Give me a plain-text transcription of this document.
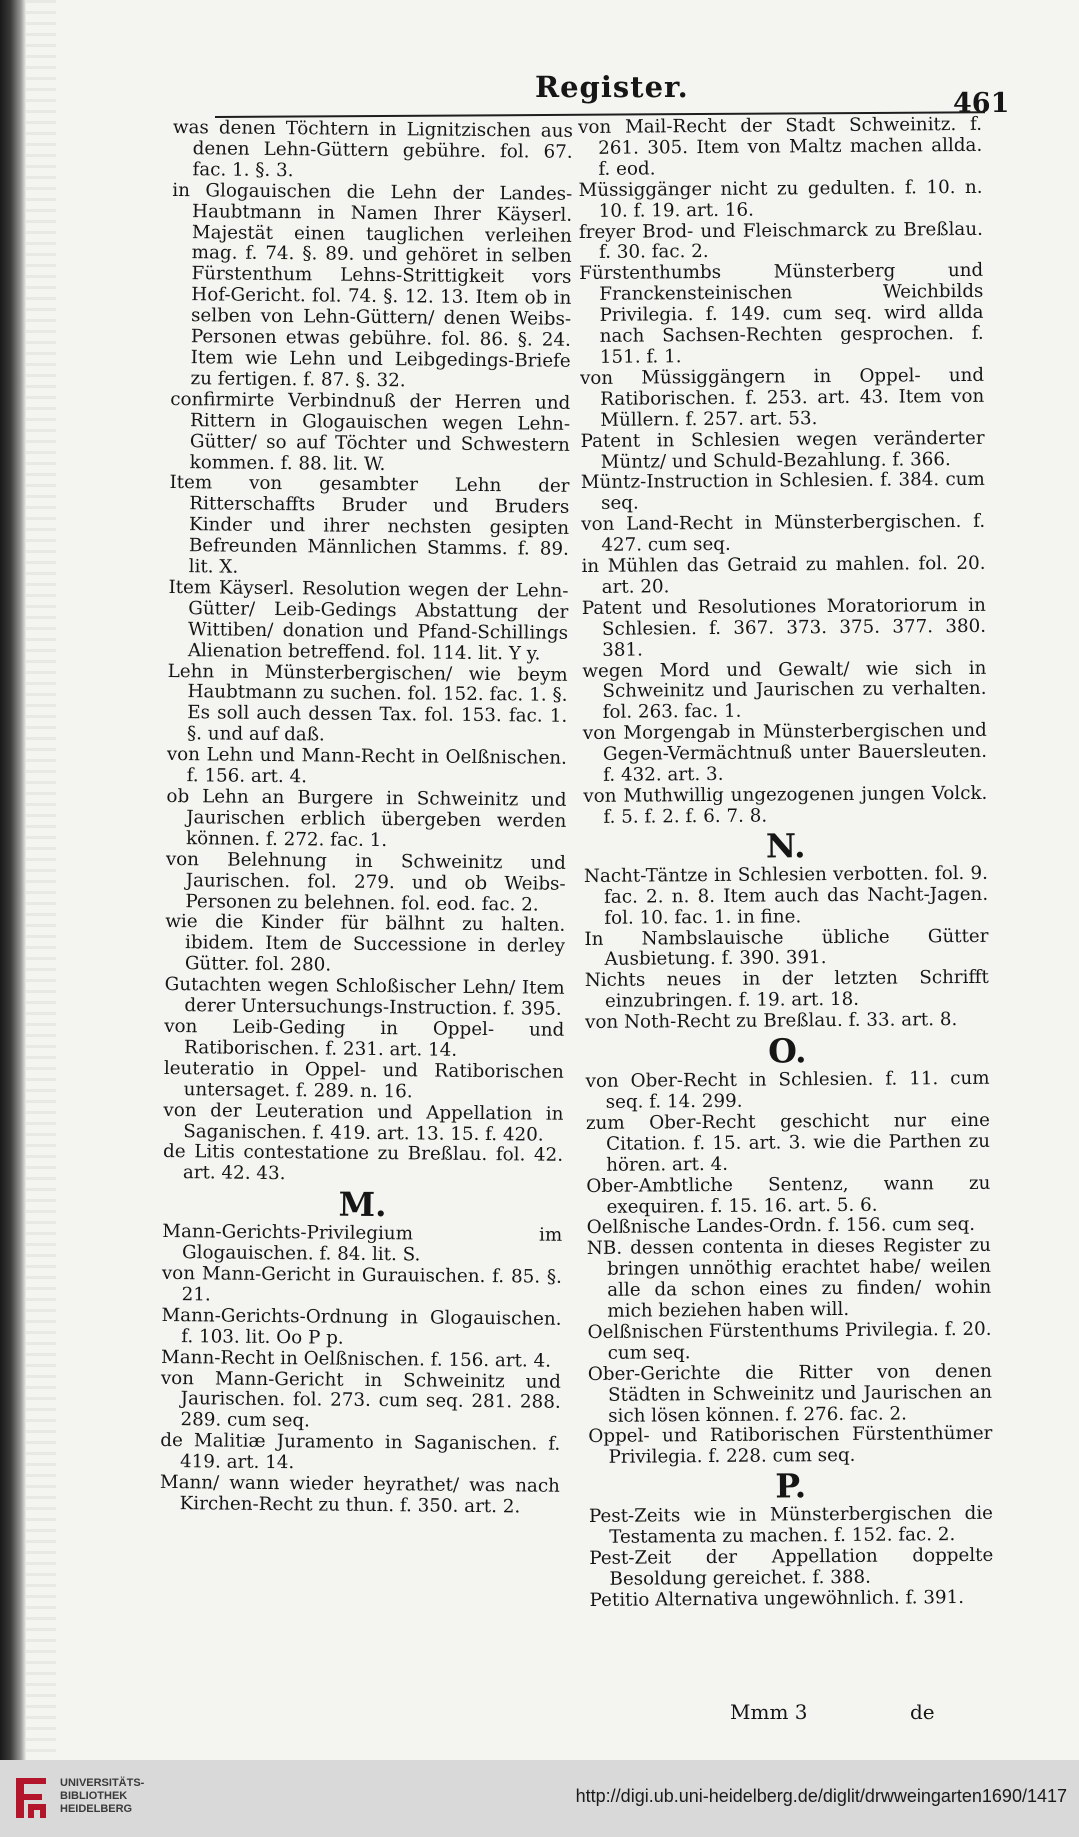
Register.	461
was denen Töchtern in Lignitzischen aus denen Lehn-Güttern gebühre. fol. 67. fac. 1. §. 3.
in Glogauischen die Lehn der Landes-Haubtmann in Namen Ihrer Käyserl. Majestät einen tauglichen verleihen mag. f. 74. §. 89. und gehöret in selben Fürstenthum Lehns-Strittigkeit vors Hof-Gericht. fol. 74. §. 12. 13. Item ob in selben von Lehn-Güttern/ denen Weibs-Personen etwas gebühre. fol. 86. §. 24. Item wie Lehn und Leibgedings-Briefe zu fertigen. f. 87. §. 32.
confirmirte Verbindnuß der Herren und Rittern in Glogauischen wegen Lehn-Gütter/ so auf Töchter und Schwestern kommen. f. 88. lit. W.
Item von gesambter Lehn der Ritterschaffts Bruder und Bruders Kinder und ihrer nechsten gesipten Befreunden Männlichen Stamms. f. 89. lit. X.
Item Käyserl. Resolution wegen der Lehn-Gütter/ Leib-Gedings Abstattung der Wittiben/ donation und Pfand-Schillings Alienation betreffend. fol. 114. lit. Y y.
Lehn in Münsterbergischen/ wie beym Haubtmann zu suchen. fol. 152. fac. 1. §. Es soll auch dessen Tax. fol. 153. fac. 1. §. und auf daß.
von Lehn und Mann-Recht in Oelßnischen. f. 156. art. 4.
ob Lehn an Burgere in Schweinitz und Jaurischen erblich übergeben werden können. f. 272. fac. 1.
von Belehnung in Schweinitz und Jaurischen. fol. 279. und ob Weibs-Personen zu belehnen. fol. eod. fac. 2.
wie die Kinder für bälhnt zu halten. ibidem. Item de Successione in derley Gütter. fol. 280.
Gutachten wegen Schloßischer Lehn/ Item derer Untersuchungs-Instruction. f. 395.
von Leib-Geding in Oppel- und Ratiborischen. f. 231. art. 14.
leuteratio in Oppel- und Ratiborischen untersaget. f. 289. n. 16.
von der Leuteration und Appellation in Saganischen. f. 419. art. 13. 15. f. 420.
de Litis contestatione zu Breßlau. fol. 42. art. 42. 43.
M.
Mann-Gerichts-Privilegium im Glogauischen. f. 84. lit. S.
von Mann-Gericht in Gurauischen. f. 85. §. 21.
Mann-Gerichts-Ordnung in Glogauischen. f. 103. lit. Oo P p.
Mann-Recht in Oelßnischen. f. 156. art. 4.
von Mann-Gericht in Schweinitz und Jaurischen. fol. 273. cum seq. 281. 288. 289. cum seq.
de Malitiæ Juramento in Saganischen. f. 419. art. 14.
Mann/ wann wieder heyrathet/ was nach Kirchen-Recht zu thun. f. 350. art. 2.
von Mail-Recht der Stadt Schweinitz. f. 261. 305. Item von Maltz machen allda. f. eod.
Müssiggänger nicht zu gedulten. f. 10. n. 10. f. 19. art. 16.
freyer Brod- und Fleischmarck zu Breßlau. f. 30. fac. 2.
Fürstenthumbs Münsterberg und Franckensteinischen Weichbilds Privilegia. f. 149. cum seq. wird allda nach Sachsen-Rechten gesprochen. f. 151. f. 1.
von Müssiggängern in Oppel- und Ratiborischen. f. 253. art. 43. Item von Müllern. f. 257. art. 53.
Patent in Schlesien wegen veränderter Müntz/ und Schuld-Bezahlung. f. 366.
Müntz-Instruction in Schlesien. f. 384. cum seq.
von Land-Recht in Münsterbergischen. f. 427. cum seq.
in Mühlen das Getraid zu mahlen. fol. 20. art. 20.
Patent und Resolutiones Moratoriorum in Schlesien. f. 367. 373. 375. 377. 380. 381.
wegen Mord und Gewalt/ wie sich in Schweinitz und Jaurischen zu verhalten. fol. 263. fac. 1.
von Morgengab in Münsterbergischen und Gegen-Vermächtnuß unter Bauersleuten. f. 432. art. 3.
von Muthwillig ungezogenen jungen Volck. f. 5. f. 2. f. 6. 7. 8.
N.
Nacht-Täntze in Schlesien verbotten. fol. 9. fac. 2. n. 8. Item auch das Nacht-Jagen. fol. 10. fac. 1. in fine.
In Nambslauische übliche Gütter Ausbietung. f. 390. 391.
Nichts neues in der letzten Schrifft einzubringen. f. 19. art. 18.
von Noth-Recht zu Breßlau. f. 33. art. 8.
O.
von Ober-Recht in Schlesien. f. 11. cum seq. f. 14. 299.
zum Ober-Recht geschicht nur eine Citation. f. 15. art. 3. wie die Parthen zu hören. art. 4.
Ober-Ambtliche Sentenz, wann zu exequiren. f. 15. 16. art. 5. 6.
Oelßnische Landes-Ordn. f. 156. cum seq.
NB. dessen contenta in dieses Register zu bringen unnöthig erachtet habe/ weilen alle da schon eines zu finden/ wohin mich beziehen haben will.
Oelßnischen Fürstenthums Privilegia. f. 20. cum seq.
Ober-Gerichte die Ritter von denen Städten in Schweinitz und Jaurischen an sich lösen können. f. 276. fac. 2.
Oppel- und Ratiborischen Fürstenthümer Privilegia. f. 228. cum seq.
P.
Pest-Zeits wie in Münsterbergischen die Testamenta zu machen. f. 152. fac. 2.
Pest-Zeit der Appellation doppelte Besoldung gereichet. f. 388.
Petitio Alternativa ungewöhnlich. f. 391.
Mmm 3	de
UNIVERSITÄTS-
BIBLIOTHEK
HEIDELBERG
http://digi.ub.uni-heidelberg.de/diglit/drwweingarten1690/1417
